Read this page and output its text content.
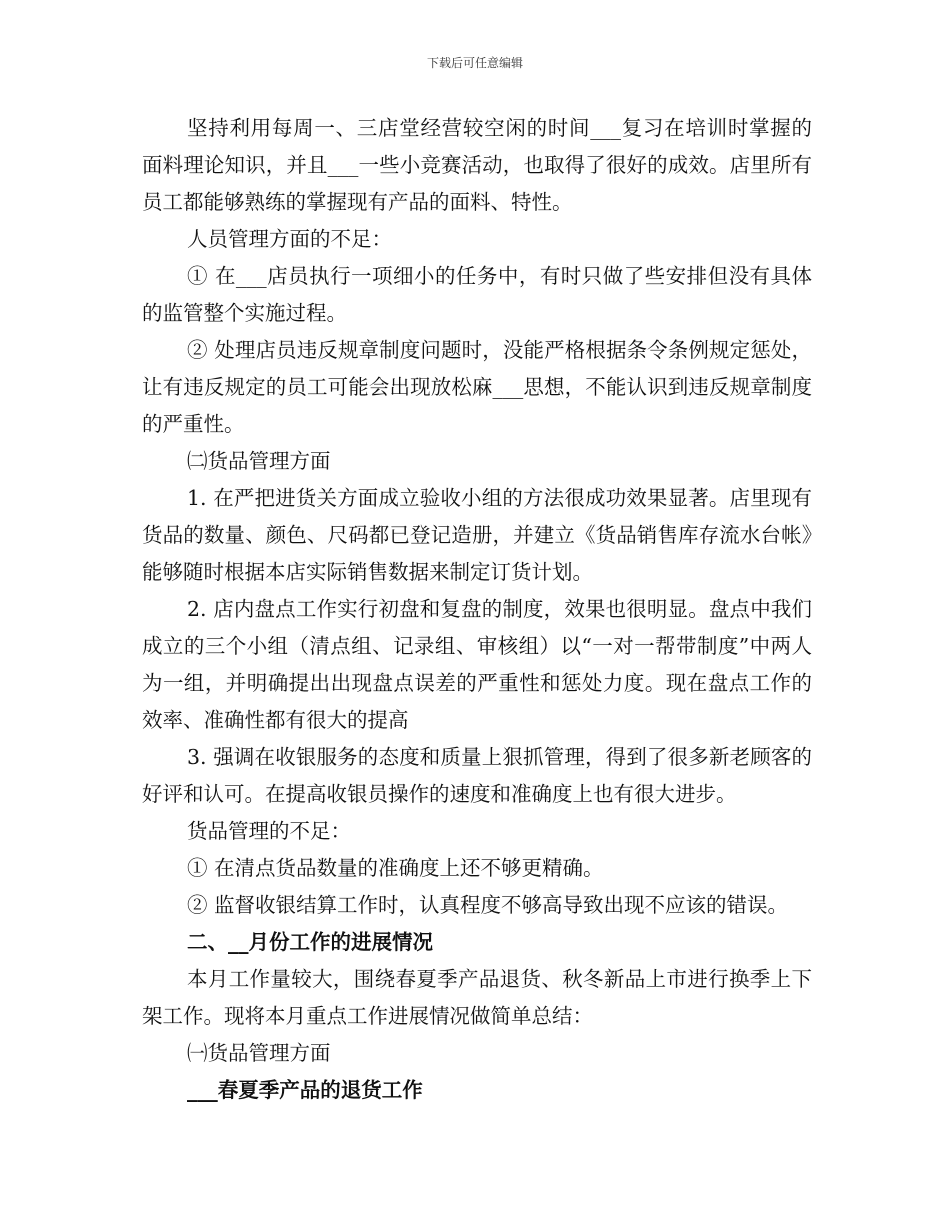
下载后可任意编辑

坚持利用每周一、三店堂经营较空闲的时间___复习在培训时掌握的面料理论知识，并且___一些小竞赛活动，也取得了很好的成效。店里所有员工都能够熟练的掌握现有产品的面料、特性。

人员管理方面的不足：

① 在___店员执行一项细小的任务中，有时只做了些安排但没有具体的监管整个实施过程。

② 处理店员违反规章制度问题时，没能严格根据条令条例规定惩处，让有违反规定的员工可能会出现放松麻___思想，不能认识到违反规章制度的严重性。

㈡货品管理方面

1. 在严把进货关方面成立验收小组的方法很成功效果显著。店里现有货品的数量、颜色、尺码都已登记造册，并建立《货品销售库存流水台帐》能够随时根据本店实际销售数据来制定订货计划。

2. 店内盘点工作实行初盘和复盘的制度，效果也很明显。盘点中我们成立的三个小组（清点组、记录组、审核组）以“一对一帮带制度”中两人为一组，并明确提出出现盘点误差的严重性和惩处力度。现在盘点工作的效率、准确性都有很大的提高

3. 强调在收银服务的态度和质量上狠抓管理，得到了很多新老顾客的好评和认可。在提高收银员操作的速度和准确度上也有很大进步。

货品管理的不足：

① 在清点货品数量的准确度上还不够更精确。

② 监督收银结算工作时，认真程度不够高导致出现不应该的错误。

二、__月份工作的进展情况

本月工作量较大，围绕春夏季产品退货、秋冬新品上市进行换季上下架工作。现将本月重点工作进展情况做简单总结：

㈠货品管理方面

___春夏季产品的退货工作
